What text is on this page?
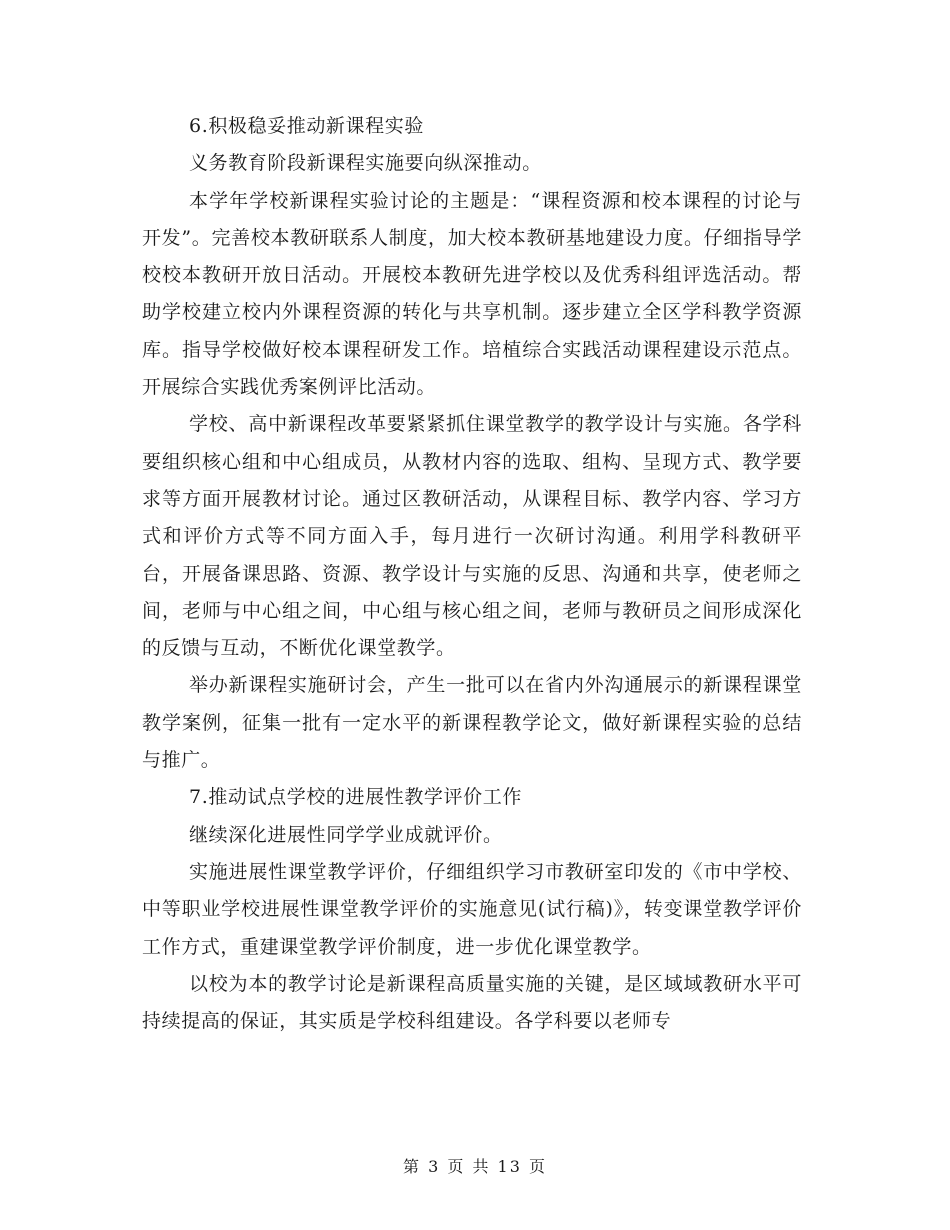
6.积极稳妥推动新课程实验

义务教育阶段新课程实施要向纵深推动。

本学年学校新课程实验讨论的主题是：“课程资源和校本课程的讨论与开发”。完善校本教研联系人制度，加大校本教研基地建设力度。仔细指导学校校本教研开放日活动。开展校本教研先进学校以及优秀科组评选活动。帮助学校建立校内外课程资源的转化与共享机制。逐步建立全区学科教学资源库。指导学校做好校本课程研发工作。培植综合实践活动课程建设示范点。开展综合实践优秀案例评比活动。

学校、高中新课程改革要紧紧抓住课堂教学的教学设计与实施。各学科要组织核心组和中心组成员，从教材内容的选取、组构、呈现方式、教学要求等方面开展教材讨论。通过区教研活动，从课程目标、教学内容、学习方式和评价方式等不同方面入手，每月进行一次研讨沟通。利用学科教研平台，开展备课思路、资源、教学设计与实施的反思、沟通和共享，使老师之间，老师与中心组之间，中心组与核心组之间，老师与教研员之间形成深化的反馈与互动，不断优化课堂教学。

举办新课程实施研讨会，产生一批可以在省内外沟通展示的新课程课堂教学案例，征集一批有一定水平的新课程教学论文，做好新课程实验的总结与推广。

7.推动试点学校的进展性教学评价工作

继续深化进展性同学学业成就评价。

实施进展性课堂教学评价，仔细组织学习市教研室印发的《市中学校、中等职业学校进展性课堂教学评价的实施意见(试行稿)》，转变课堂教学评价工作方式，重建课堂教学评价制度，进一步优化课堂教学。

以校为本的教学讨论是新课程高质量实施的关键，是区域域教研水平可持续提高的保证，其实质是学校科组建设。各学科要以老师专

第 3 页 共 13 页
